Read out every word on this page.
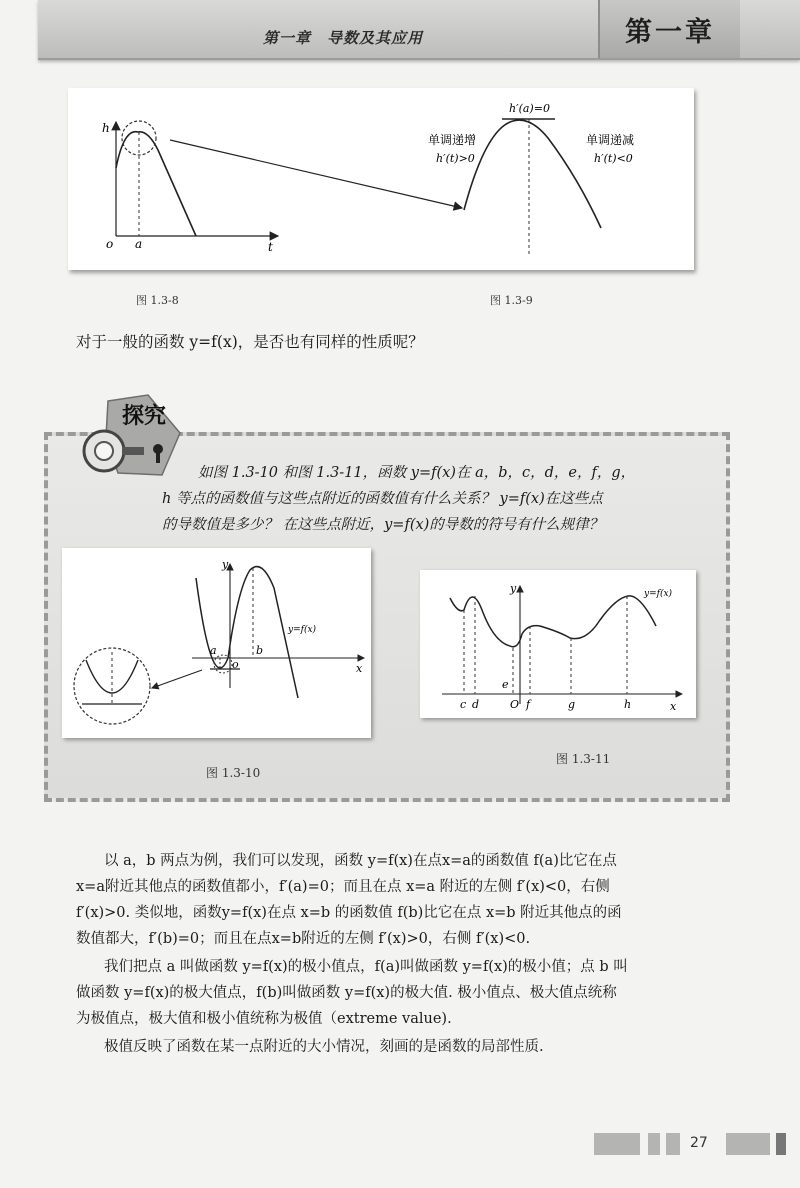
第一章　导数及其应用	第一章
h
o a	t
h′(a)=0
单调递增
h′(t)>0
单调递减
h′(t)<0
图 1.3-8	图 1.3-9
对于一般的函数 y=f(x)，是否也有同样的性质呢？
探究
如图 1.3-10 和图 1.3-11，函数 y=f(x)在 a，b，c，d，e，f，g，
h 等点的函数值与这些点附近的函数值有什么关系？ y=f(x)在这些点
的导数值是多少？ 在这些点附近，y=f(x)的导数的符号有什么规律？
y
x
a
o
b
y=f(x)
图 1.3-10
y
x
y=f(x)
c d
e
O f	g	h
图 1.3-11
以 a，b 两点为例，我们可以发现，函数 y=f(x)在点x=a的函数值 f(a)比它在点
x=a附近其他点的函数值都小，f′(a)=0；而且在点 x=a 附近的左侧 f′(x)<0，右侧
f′(x)>0. 类似地，函数y=f(x)在点 x=b 的函数值 f(b)比它在点 x=b 附近其他点的函
数值都大，f′(b)=0；而且在点x=b附近的左侧 f′(x)>0，右侧 f′(x)<0.
我们把点 a 叫做函数 y=f(x)的极小值点，f(a)叫做函数 y=f(x)的极小值；点 b 叫
做函数 y=f(x)的极大值点，f(b)叫做函数 y=f(x)的极大值. 极小值点、极大值点统称
为极值点，极大值和极小值统称为极值（extreme value).
极值反映了函数在某一点附近的大小情况，刻画的是函数的局部性质.
27
